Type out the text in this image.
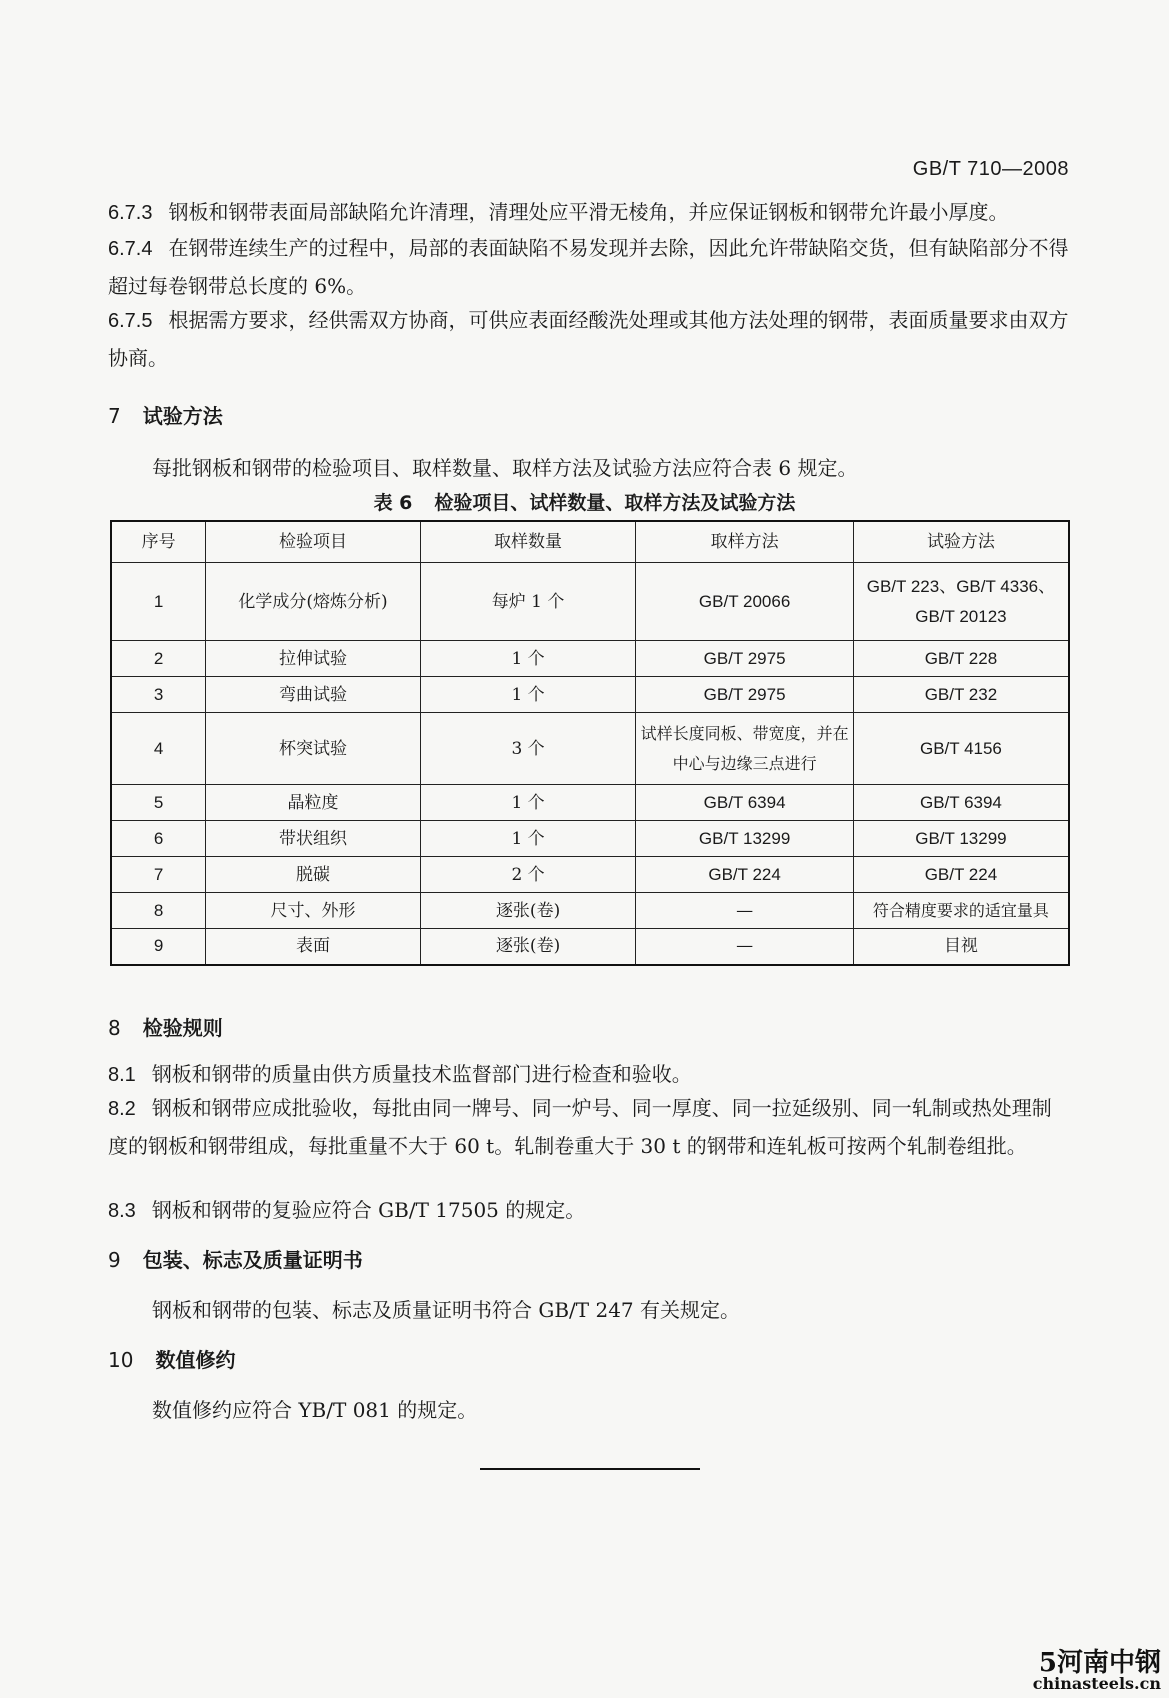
GB/T 710—2008
6.7.3 钢板和钢带表面局部缺陷允许清理，清理处应平滑无棱角，并应保证钢板和钢带允许最小厚度。
6.7.4 在钢带连续生产的过程中，局部的表面缺陷不易发现并去除，因此允许带缺陷交货，但有缺陷部分不得超过每卷钢带总长度的 6%。
6.7.5 根据需方要求，经供需双方协商，可供应表面经酸洗处理或其他方法处理的钢带，表面质量要求由双方协商。
7 试验方法
每批钢板和钢带的检验项目、取样数量、取样方法及试验方法应符合表 6 规定。
表 6 检验项目、试样数量、取样方法及试验方法
序号	检验项目	取样数量	取样方法	试验方法
1	化学成分(熔炼分析)	每炉 1 个	GB/T 20066	GB/T 223、GB/T 4336、GB/T 20123
2	拉伸试验	1 个	GB/T 2975	GB/T 228
3	弯曲试验	1 个	GB/T 2975	GB/T 232
4	杯突试验	3 个	试样长度同板、带宽度，并在中心与边缘三点进行	GB/T 4156
5	晶粒度	1 个	GB/T 6394	GB/T 6394
6	带状组织	1 个	GB/T 13299	GB/T 13299
7	脱碳	2 个	GB/T 224	GB/T 224
8	尺寸、外形	逐张(卷)	—	符合精度要求的适宜量具
9	表面	逐张(卷)	—	目视
8 检验规则
8.1 钢板和钢带的质量由供方质量技术监督部门进行检查和验收。
8.2 钢板和钢带应成批验收，每批由同一牌号、同一炉号、同一厚度、同一拉延级别、同一轧制或热处理制度的钢板和钢带组成，每批重量不大于 60 t。轧制卷重大于 30 t 的钢带和连轧板可按两个轧制卷组批。
8.3 钢板和钢带的复验应符合 GB/T 17505 的规定。
9 包装、标志及质量证明书
钢板和钢带的包装、标志及质量证明书符合 GB/T 247 有关规定。
10 数值修约
数值修约应符合 YB/T 081 的规定。
5河南中钢
chinasteels.cn
